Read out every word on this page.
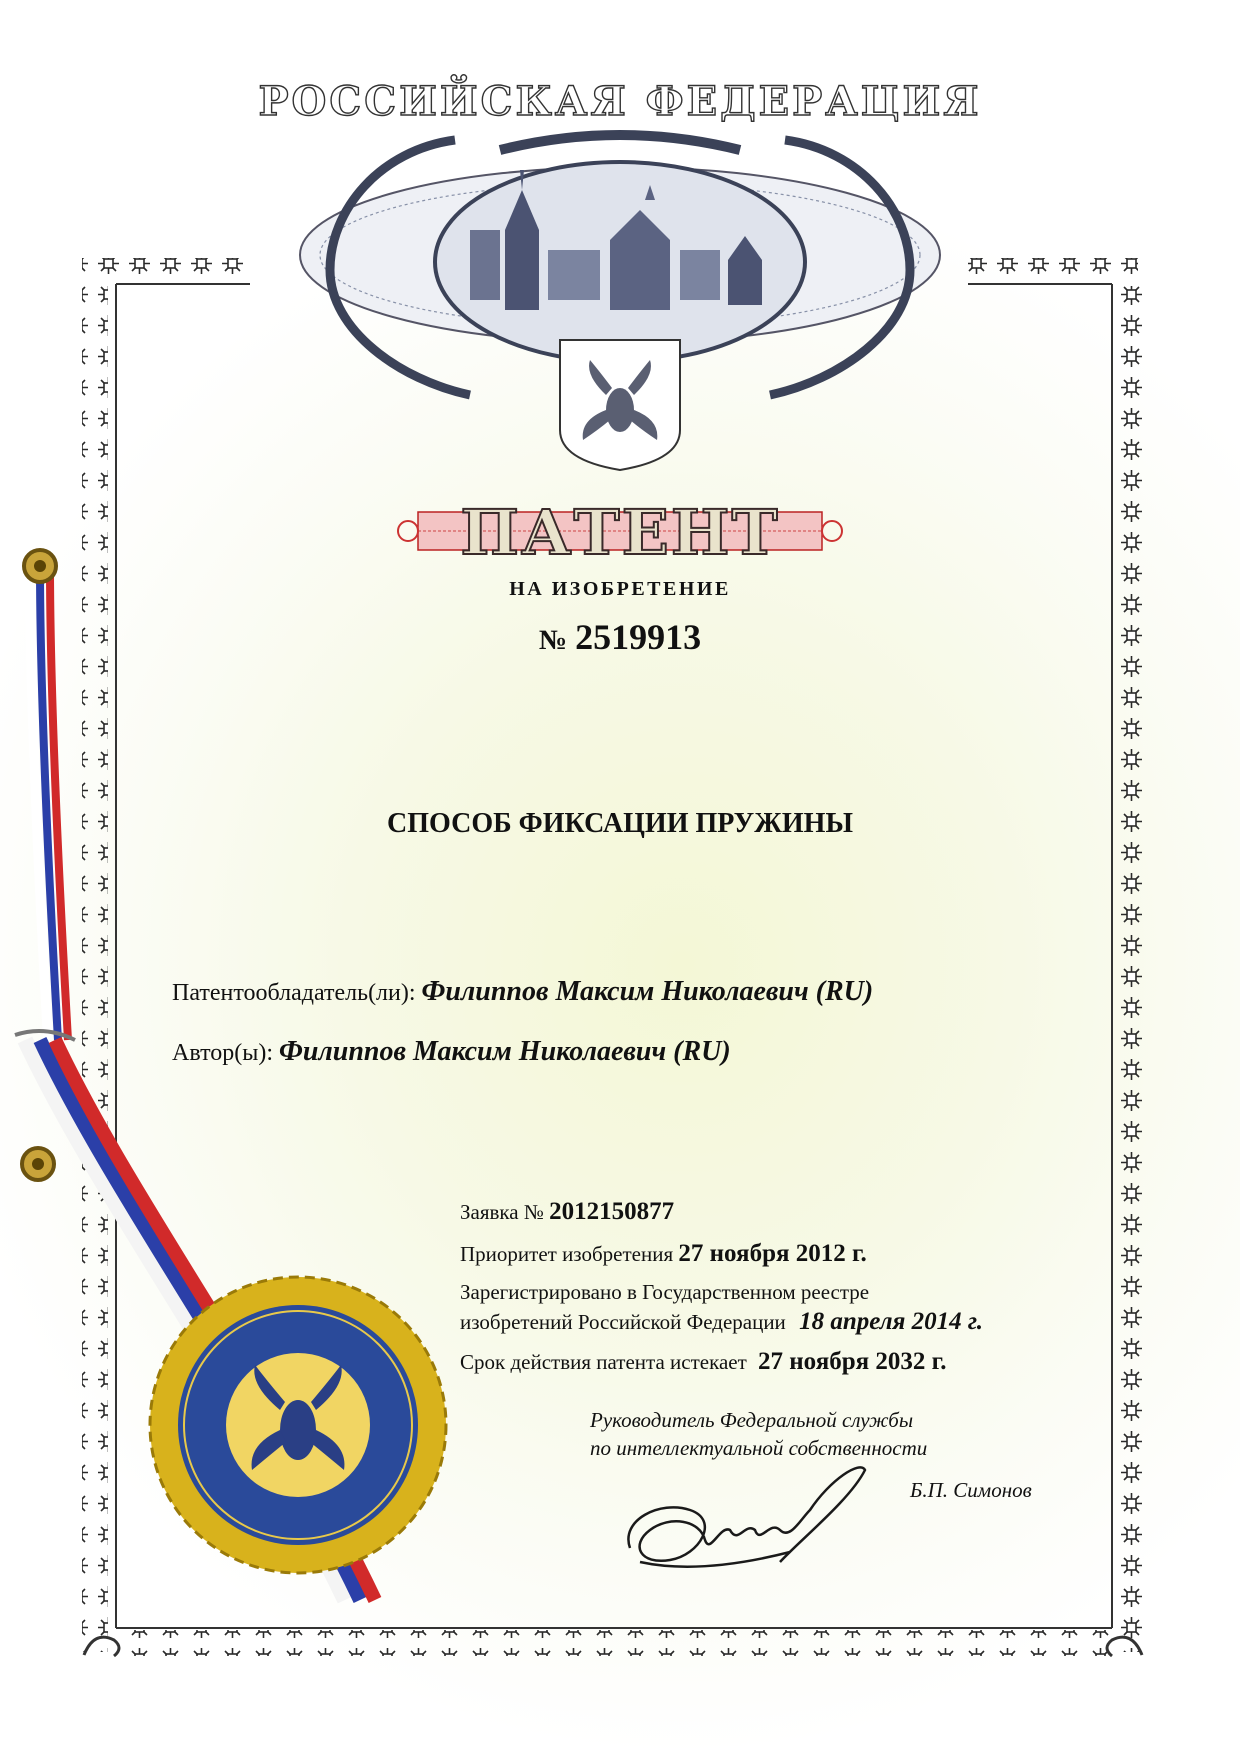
РОССИЙСКАЯ ФЕДЕРАЦИЯ
ПАТЕНТ
НА ИЗОБРЕТЕНИЕ
№ 2519913
СПОСОБ ФИКСАЦИИ ПРУЖИНЫ
Патентообладатель(ли): Филиппов Максим Николаевич (RU)
Автор(ы): Филиппов Максим Николаевич (RU)
Заявка № 2012150877
Приоритет изобретения 27 ноября 2012 г.
Зарегистрировано в Государственном реестре
изобретений Российской Федерации 18 апреля 2014 г.
Срок действия патента истекает 27 ноября 2032 г.
Руководитель Федеральной службы
по интеллектуальной собственности
Б.П. Симонов
